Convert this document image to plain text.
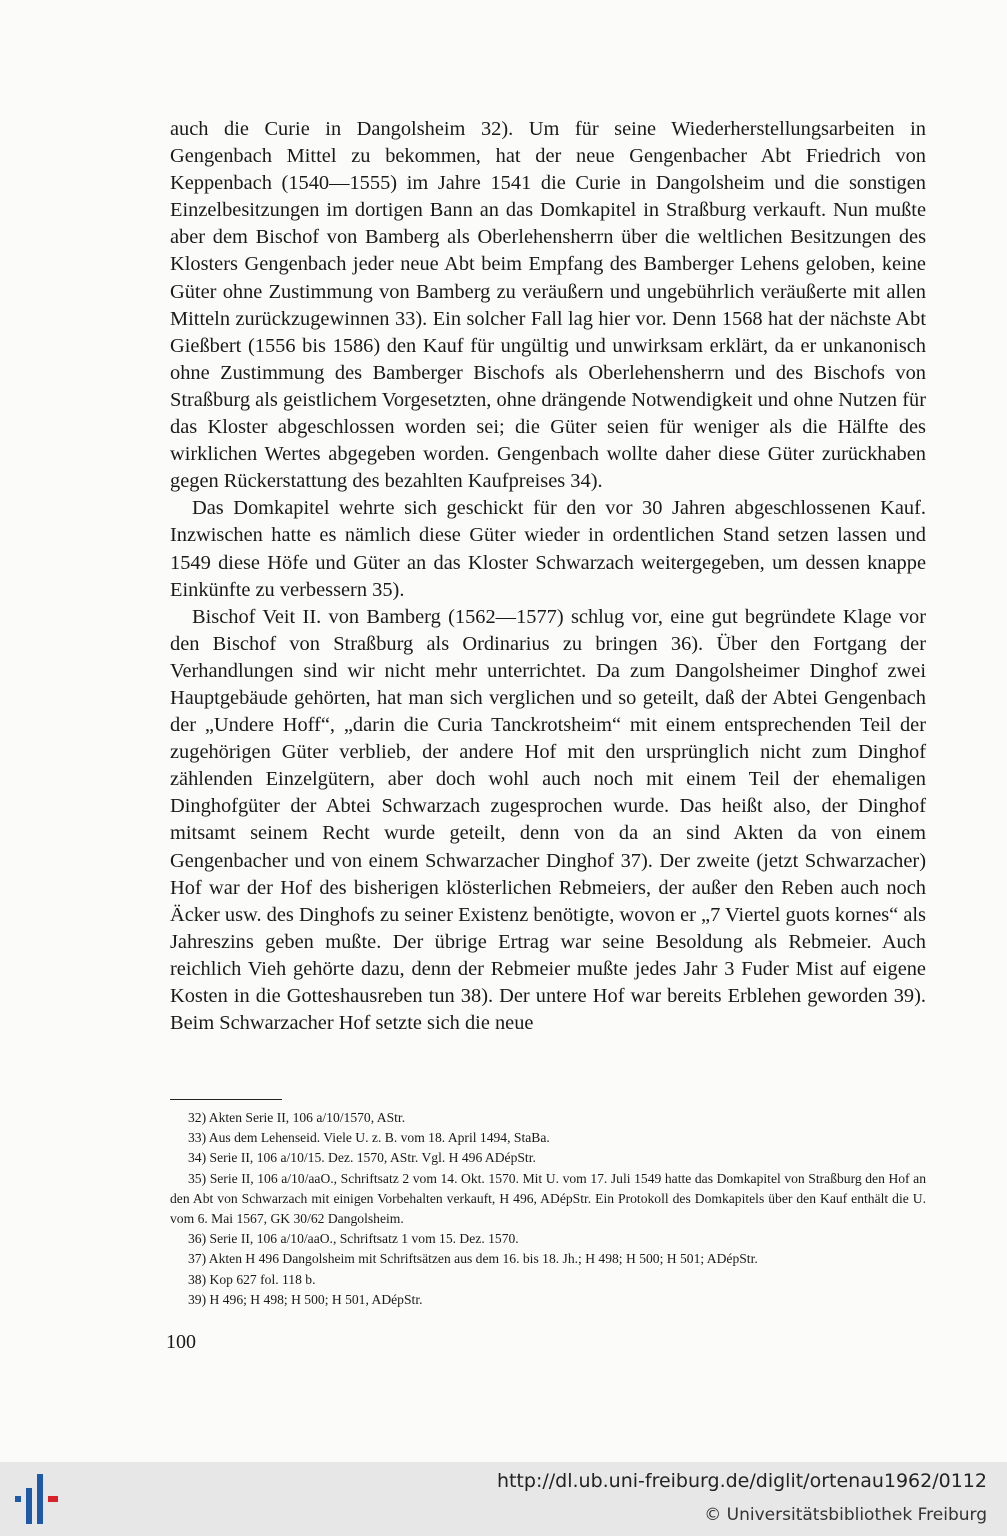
auch die Curie in Dangolsheim 32). Um für seine Wiederherstellungsarbeiten in Gengenbach Mittel zu bekommen, hat der neue Gengenbacher Abt Friedrich von Keppenbach (1540—1555) im Jahre 1541 die Curie in Dangolsheim und die sonstigen Einzelbesitzungen im dortigen Bann an das Domkapitel in Straßburg verkauft. Nun mußte aber dem Bischof von Bamberg als Oberlehensherrn über die weltlichen Besitzungen des Klosters Gengenbach jeder neue Abt beim Empfang des Bamberger Lehens geloben, keine Güter ohne Zustimmung von Bamberg zu veräußern und ungebührlich veräußerte mit allen Mitteln zurückzugewinnen 33). Ein solcher Fall lag hier vor. Denn 1568 hat der nächste Abt Gießbert (1556 bis 1586) den Kauf für ungültig und unwirksam erklärt, da er unkanonisch ohne Zustimmung des Bamberger Bischofs als Oberlehensherrn und des Bischofs von Straßburg als geistlichem Vorgesetzten, ohne drängende Notwendigkeit und ohne Nutzen für das Kloster abgeschlossen worden sei; die Güter seien für weniger als die Hälfte des wirklichen Wertes abgegeben worden. Gengenbach wollte daher diese Güter zurückhaben gegen Rückerstattung des bezahlten Kaufpreises 34).

Das Domkapitel wehrte sich geschickt für den vor 30 Jahren abgeschlossenen Kauf. Inzwischen hatte es nämlich diese Güter wieder in ordentlichen Stand setzen lassen und 1549 diese Höfe und Güter an das Kloster Schwarzach weitergegeben, um dessen knappe Einkünfte zu verbessern 35).

Bischof Veit II. von Bamberg (1562—1577) schlug vor, eine gut begründete Klage vor den Bischof von Straßburg als Ordinarius zu bringen 36). Über den Fortgang der Verhandlungen sind wir nicht mehr unterrichtet. Da zum Dangolsheimer Dinghof zwei Hauptgebäude gehörten, hat man sich verglichen und so geteilt, daß der Abtei Gengenbach der „Undere Hoff“, „darin die Curia Tanckrotsheim“ mit einem entsprechenden Teil der zugehörigen Güter verblieb, der andere Hof mit den ursprünglich nicht zum Dinghof zählenden Einzelgütern, aber doch wohl auch noch mit einem Teil der ehemaligen Dinghofgüter der Abtei Schwarzach zugesprochen wurde. Das heißt also, der Dinghof mitsamt seinem Recht wurde geteilt, denn von da an sind Akten da von einem Gengenbacher und von einem Schwarzacher Dinghof 37). Der zweite (jetzt Schwarzacher) Hof war der Hof des bisherigen klösterlichen Rebmeiers, der außer den Reben auch noch Äcker usw. des Dinghofs zu seiner Existenz benötigte, wovon er „7 Viertel guots kornes“ als Jahreszins geben mußte. Der übrige Ertrag war seine Besoldung als Rebmeier. Auch reichlich Vieh gehörte dazu, denn der Rebmeier mußte jedes Jahr 3 Fuder Mist auf eigene Kosten in die Gotteshausreben tun 38). Der untere Hof war bereits Erblehen geworden 39). Beim Schwarzacher Hof setzte sich die neue

32) Akten Serie II, 106 a/10/1570, AStr.

33) Aus dem Lehenseid. Viele U. z. B. vom 18. April 1494, StaBa.

34) Serie II, 106 a/10/15. Dez. 1570, AStr. Vgl. H 496 ADépStr.

35) Serie II, 106 a/10/aaO., Schriftsatz 2 vom 14. Okt. 1570. Mit U. vom 17. Juli 1549 hatte das Domkapitel von Straßburg den Hof an den Abt von Schwarzach mit einigen Vorbehalten verkauft, H 496, ADépStr. Ein Protokoll des Domkapitels über den Kauf enthält die U. vom 6. Mai 1567, GK 30/62 Dangolsheim.

36) Serie II, 106 a/10/aaO., Schriftsatz 1 vom 15. Dez. 1570.

37) Akten H 496 Dangolsheim mit Schriftsätzen aus dem 16. bis 18. Jh.; H 498; H 500; H 501; ADépStr.

38) Kop 627 fol. 118 b.

39) H 496; H 498; H 500; H 501, ADépStr.

100
http://dl.ub.uni-freiburg.de/diglit/ortenau1962/0112
© Universitätsbibliothek Freiburg
